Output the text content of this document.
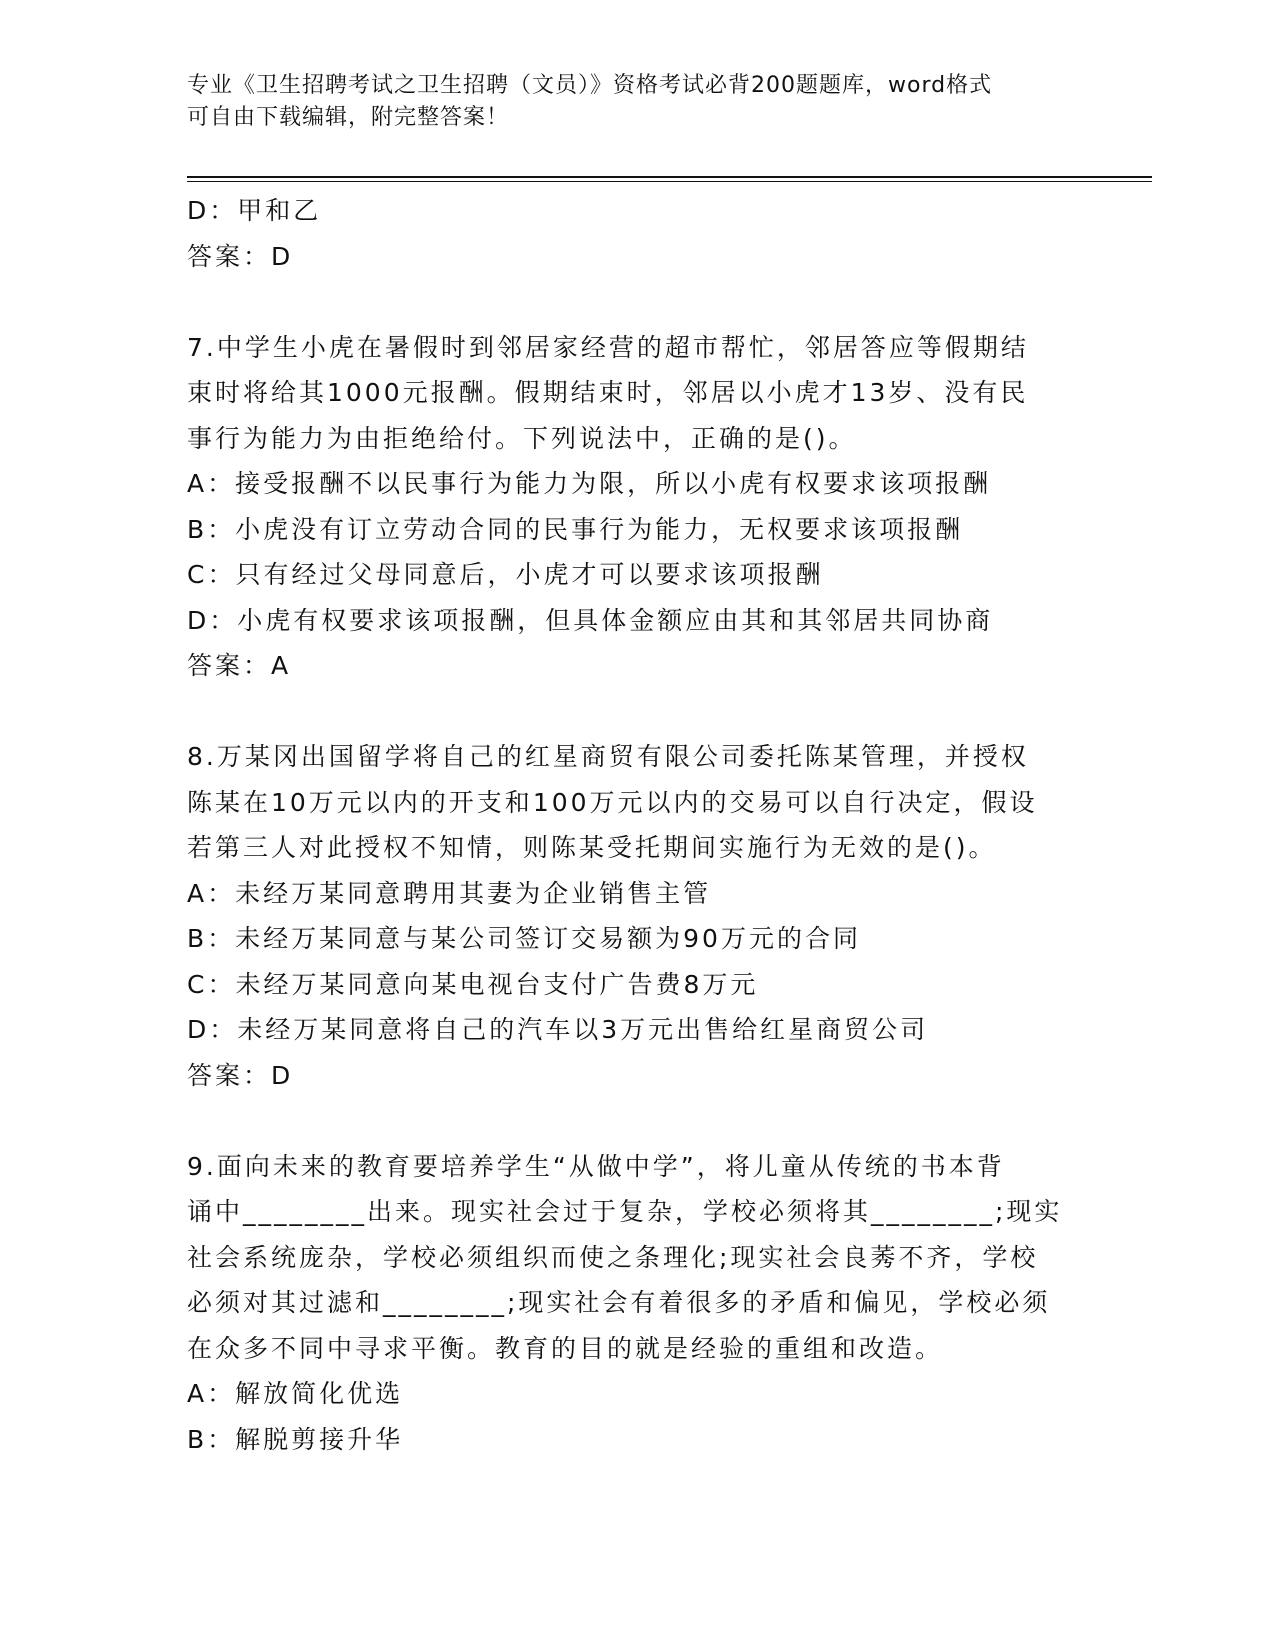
专业《卫生招聘考试之卫生招聘（文员）》资格考试必背200题题库，word格式
可自由下载编辑，附完整答案！
D：甲和乙
答案：D
7.中学生小虎在暑假时到邻居家经营的超市帮忙，邻居答应等假期结
束时将给其1000元报酬。假期结束时，邻居以小虎才13岁、没有民
事行为能力为由拒绝给付。下列说法中，正确的是()。
A：接受报酬不以民事行为能力为限，所以小虎有权要求该项报酬
B：小虎没有订立劳动合同的民事行为能力，无权要求该项报酬
C：只有经过父母同意后，小虎才可以要求该项报酬
D：小虎有权要求该项报酬，但具体金额应由其和其邻居共同协商
答案：A
8.万某冈出国留学将自己的红星商贸有限公司委托陈某管理，并授权
陈某在10万元以内的开支和100万元以内的交易可以自行决定，假设
若第三人对此授权不知情，则陈某受托期间实施行为无效的是()。
A：未经万某同意聘用其妻为企业销售主管
B：未经万某同意与某公司签订交易额为90万元的合同
C：未经万某同意向某电视台支付广告费8万元
D：未经万某同意将自己的汽车以3万元出售给红星商贸公司
答案：D
9.面向未来的教育要培养学生“从做中学”，将儿童从传统的书本背
诵中________出来。现实社会过于复杂，学校必须将其________;现实
社会系统庞杂，学校必须组织而使之条理化;现实社会良莠不齐，学校
必须对其过滤和________;现实社会有着很多的矛盾和偏见，学校必须
在众多不同中寻求平衡。教育的目的就是经验的重组和改造。
A：解放简化优选
B：解脱剪接升华
